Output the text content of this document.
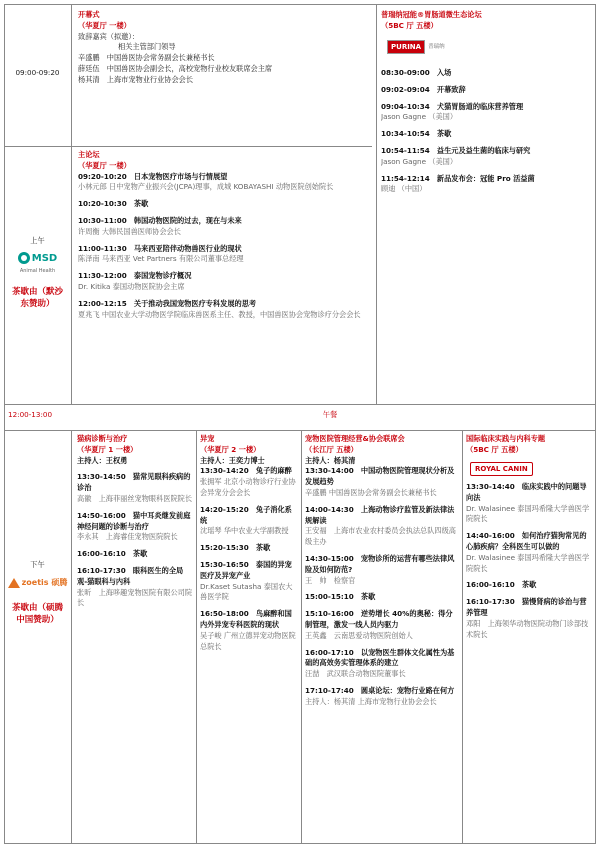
09:00-09:20
开幕式
（华夏厅 一楼）
致辞嘉宾（拟邀）：
相关主管部门领导
辛盛鹏　中国兽医协会常务副会长兼秘书长
薛廷伍　中国兽医协会副会长，高校宠物行业校友联席会主席
杨其清　上海市宠物业行业协会会长
上午
MSD
Animal Health
茶歇由（默沙东赞助）
主论坛
（华夏厅 一楼）
09:20-10:20　日本宠物医疗市场与行情展望
小林元郎 日中宠物产业振兴会(JCPA)理事，成城 KOBAYASHI 动物医院创始院长
10:20-10:30　茶歇
10:30-11:00　韩国动物医院的过去，现在与未来
许周衡 大韩民国兽医师协会会长
11:00-11:30　马来西亚陪伴动物兽医行业的现状
陈泽南 马来西亚 Vet Partners 有限公司董事总经理
11:30-12:00　泰国宠物诊疗概况
Dr. Kitika 泰国动物医院协会主席
12:00-12:15　关于推动我国宠物医疗专科发展的思考
夏兆飞 中国农业大学动物医学院临床兽医系主任、教授，中国兽医协会宠物诊疗分会会长
普瑞纳冠能®胃肠道微生态论坛
（5BC 厅 五楼）
PURINA	普瑞纳
08:30-09:00　入场
09:02-09:04　开幕致辞
09:04-10:34　犬猫胃肠道的临床营养管理
Jason Gagne （美国）
10:34-10:54　茶歇
10:54-11:54　益生元及益生菌的临床与研究
Jason Gagne （美国）
11:54-12:14　新品发布会：冠能 Pro 活益菌
顾迪 （中国）
12:00-13:00	午餐
下午
zoetis 硕腾
茶歇由（硕腾中国赞助）
猫病诊断与治疗
（华夏厅 1 一楼）
主持人：王权勇
13:30-14:50　猫常见眼科疾病的诊治
高徽　上海菲丽丝宠物眼科医院院长
14:50-16:00　猫中耳炎继发前庭神经问题的诊断与治疗
李永其　上海睿佳宠物医院院长
16:00-16:10　茶歇
16:10-17:30　眼科医生的全局观-猫眼科与内科
张昕　上海哆趣宠物医院有限公司院长
异宠
（华夏厅 2 一楼）
主持人：王奕力博士
13:30-14:20　兔子的麻醉
张拥军 北京小动物诊疗行业协会异宠分会会长
14:20-15:20　兔子消化系统
沈瑶琴 华中农业大学副教授
15:20-15:30　茶歇
15:30-16:50　泰国的异宠医疗及异宠产业
Dr.Kaset Sutasha 泰国农大兽医学院
16:50-18:00　鸟麻醉和国内外异宠专科医院的现状
吴子峻 广州立德异宠动物医院总院长
宠物医院管理经营&协会联席会
（长江厅 五楼）
主持人：杨其清
13:30-14:00　中国动物医院管理现状分析及发展趋势
辛盛鹏 中国兽医协会常务副会长兼秘书长
14:00-14:30　上海动物诊疗监管及新法律法规解读
王安福　上海市农业农村委员会执法总队四级高级主办
14:30-15:00　宠物诊所的运营有哪些法律风险及如何防范?
王　帅　检察官
15:00-15:10　茶歇
15:10-16:00　逆势增长 40%的奥秘：得分制管理，激发一线人员内驱力
王英鑫　云南思爱动物医院创始人
16:00-17:10　以宠物医生群体文化属性为基础的高效务实管理体系的建立
汪喆　武汉联合动物医院董事长
17:10-17:40　圆桌论坛：宠物行业路在何方
主持人：杨其清 上海市宠物行业协会会长
国际临床实践与内科专题
（5BC 厅 五楼）
ROYAL CANIN
13:30-14:40　临床实践中的问题导向法
Dr. Walasinee 泰国玛希隆大学兽医学院院长
14:40-16:00　如何治疗猫狗常见的心肺疾病？全科医生可以做的
Dr. Walasinee 泰国玛希隆大学兽医学院院长
16:00-16:10　茶歇
16:10-17:30　猫慢肾病的诊治与营养管理
邓阳　上海领华动物医院动物门诊部技术院长
